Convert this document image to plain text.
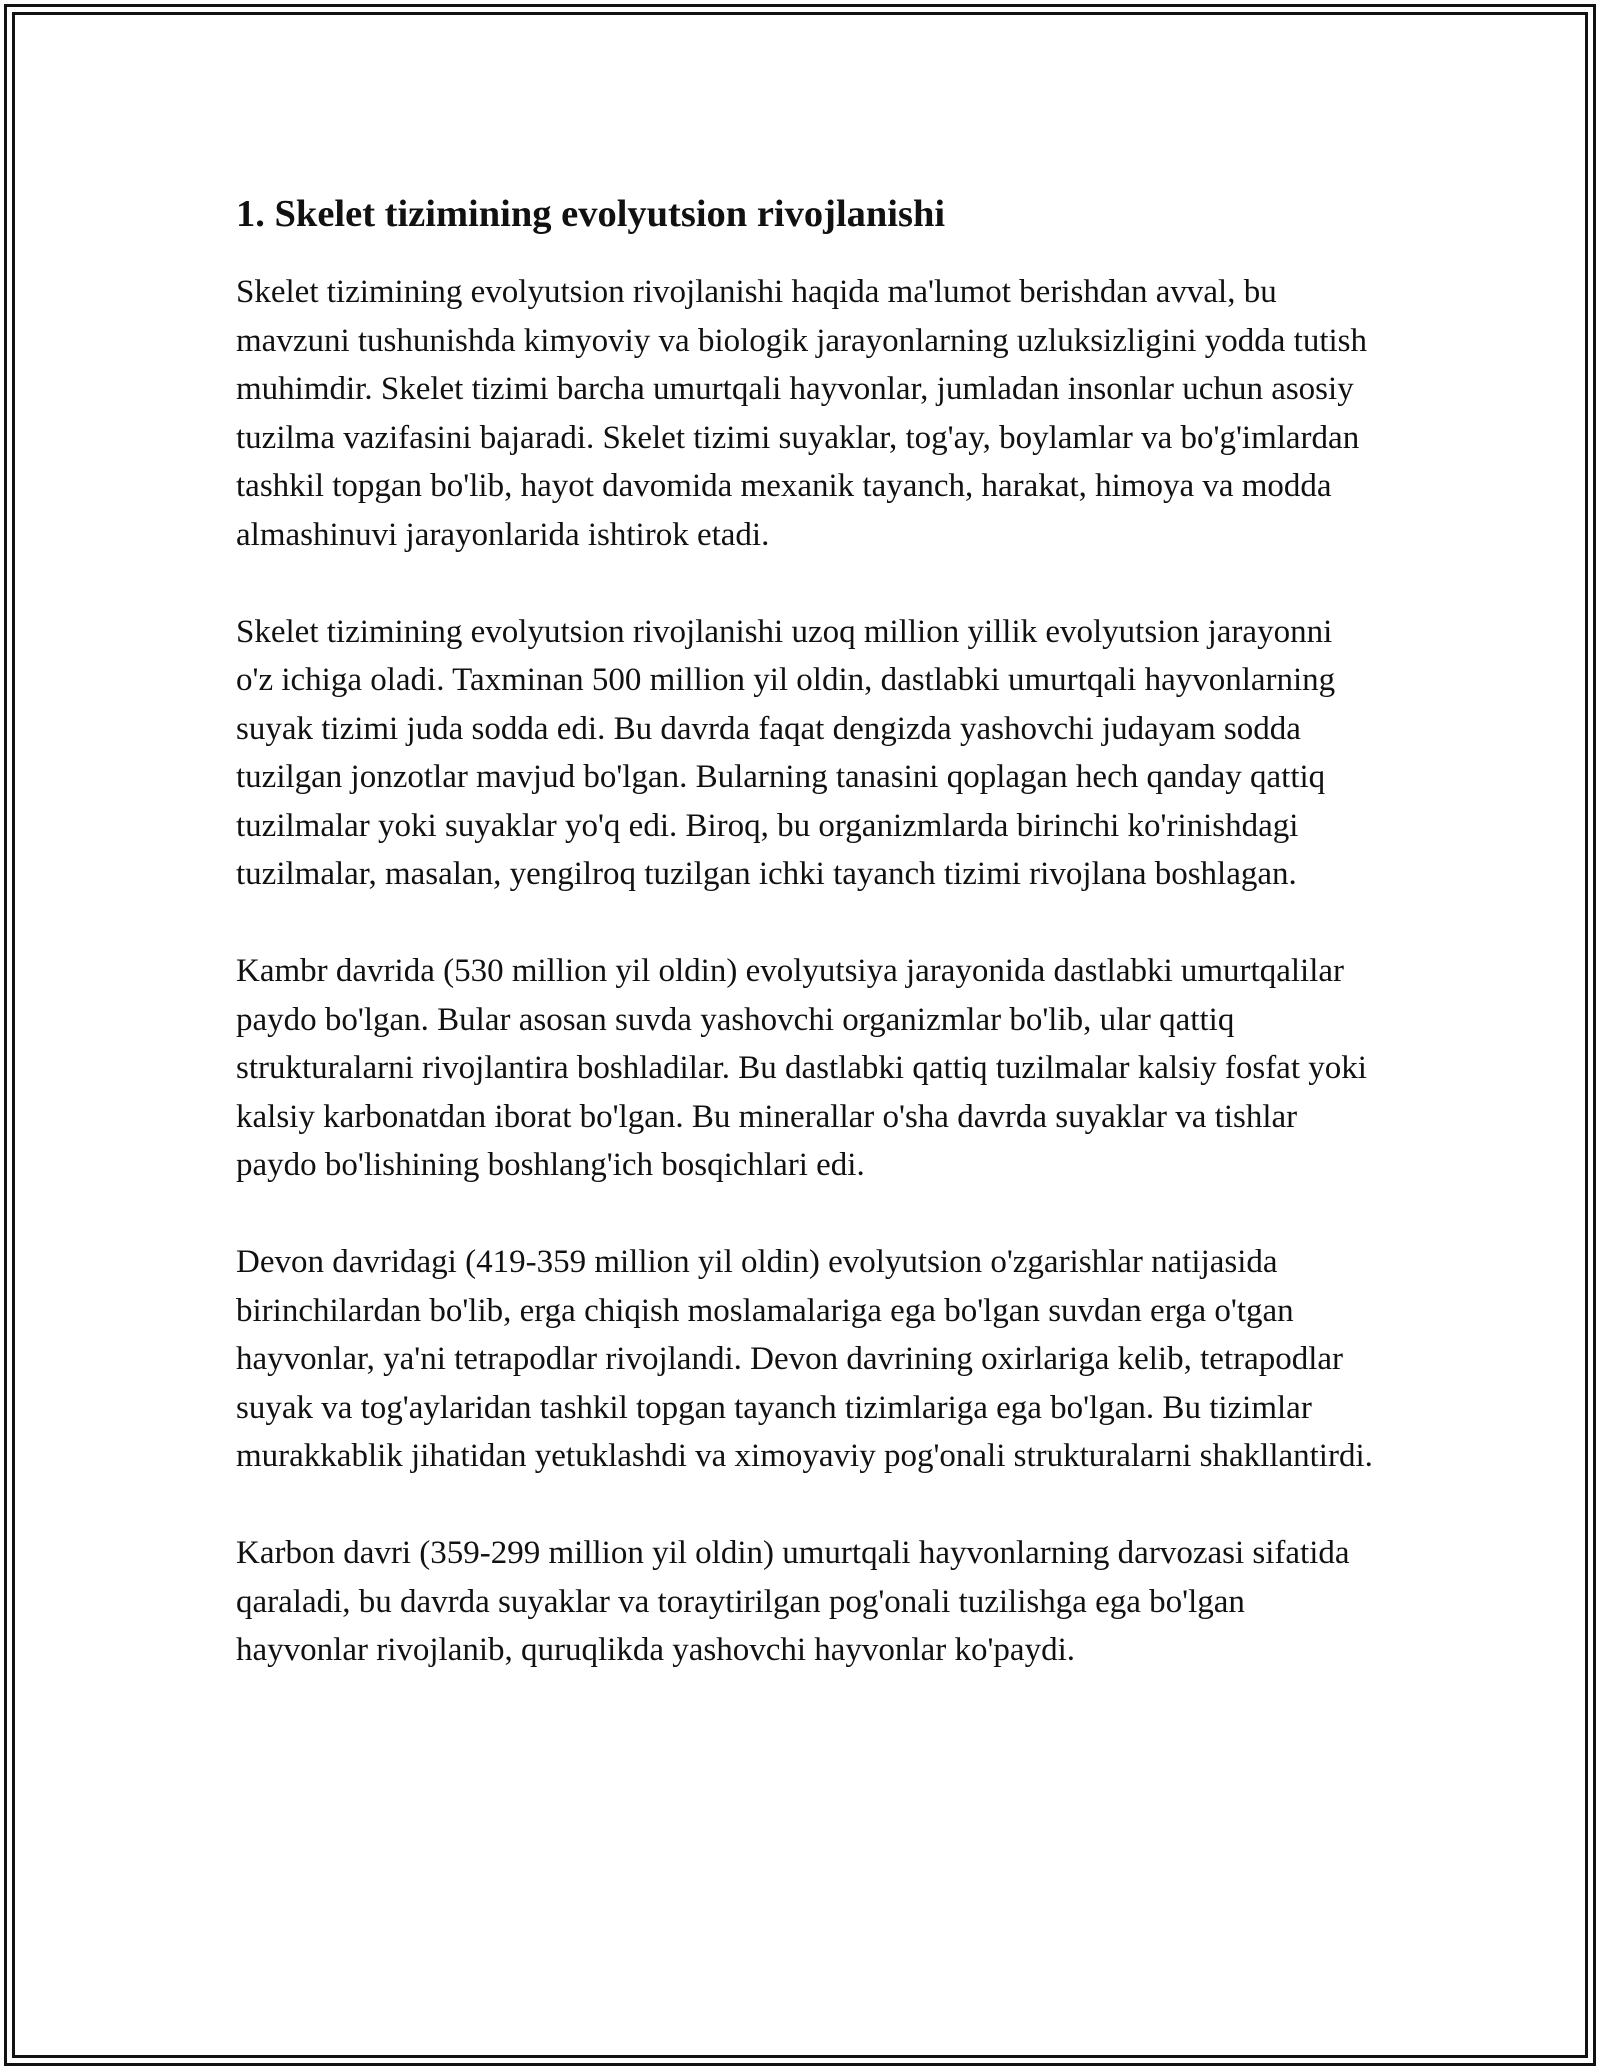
1. Skelet tizimining evolyutsion rivojlanishi

Skelet tizimining evolyutsion rivojlanishi haqida ma'lumot berishdan avval, bu mavzuni tushunishda kimyoviy va biologik jarayonlarning uzluksizligini yodda tutish muhimdir. Skelet tizimi barcha umurtqali hayvonlar, jumladan insonlar uchun asosiy tuzilma vazifasini bajaradi. Skelet tizimi suyaklar, tog'ay, boylamlar va bo'g'imlardan tashkil topgan bo'lib, hayot davomida mexanik tayanch, harakat, himoya va modda almashinuvi jarayonlarida ishtirok etadi.

Skelet tizimining evolyutsion rivojlanishi uzoq million yillik evolyutsion jarayonni o'z ichiga oladi. Taxminan 500 million yil oldin, dastlabki umurtqali hayvonlarning suyak tizimi juda sodda edi. Bu davrda faqat dengizda yashovchi judayam sodda tuzilgan jonzotlar mavjud bo'lgan. Bularning tanasini qoplagan hech qanday qattiq tuzilmalar yoki suyaklar yo'q edi. Biroq, bu organizmlarda birinchi ko'rinishdagi tuzilmalar, masalan, yengilroq tuzilgan ichki tayanch tizimi rivojlana boshlagan.

Kambr davrida (530 million yil oldin) evolyutsiya jarayonida dastlabki umurtqalilar paydo bo'lgan. Bular asosan suvda yashovchi organizmlar bo'lib, ular qattiq strukturalarni rivojlantira boshladilar. Bu dastlabki qattiq tuzilmalar kalsiy fosfat yoki kalsiy karbonatdan iborat bo'lgan. Bu minerallar o'sha davrda suyaklar va tishlar paydo bo'lishining boshlang'ich bosqichlari edi.

Devon davridagi (419-359 million yil oldin) evolyutsion o'zgarishlar natijasida birinchilardan bo'lib, erga chiqish moslamalariga ega bo'lgan suvdan erga o'tgan hayvonlar, ya'ni tetrapodlar rivojlandi. Devon davrining oxirlariga kelib, tetrapodlar suyak va tog'aylaridan tashkil topgan tayanch tizimlariga ega bo'lgan. Bu tizimlar murakkablik jihatidan yetuklashdi va ximoyaviy pog'onali strukturalarni shakllantirdi.

Karbon davri (359-299 million yil oldin) umurtqali hayvonlarning darvozasi sifatida qaraladi, bu davrda suyaklar va toraytirilgan pog'onali tuzilishga ega bo'lgan hayvonlar rivojlanib, quruqlikda yashovchi hayvonlar ko'paydi.
